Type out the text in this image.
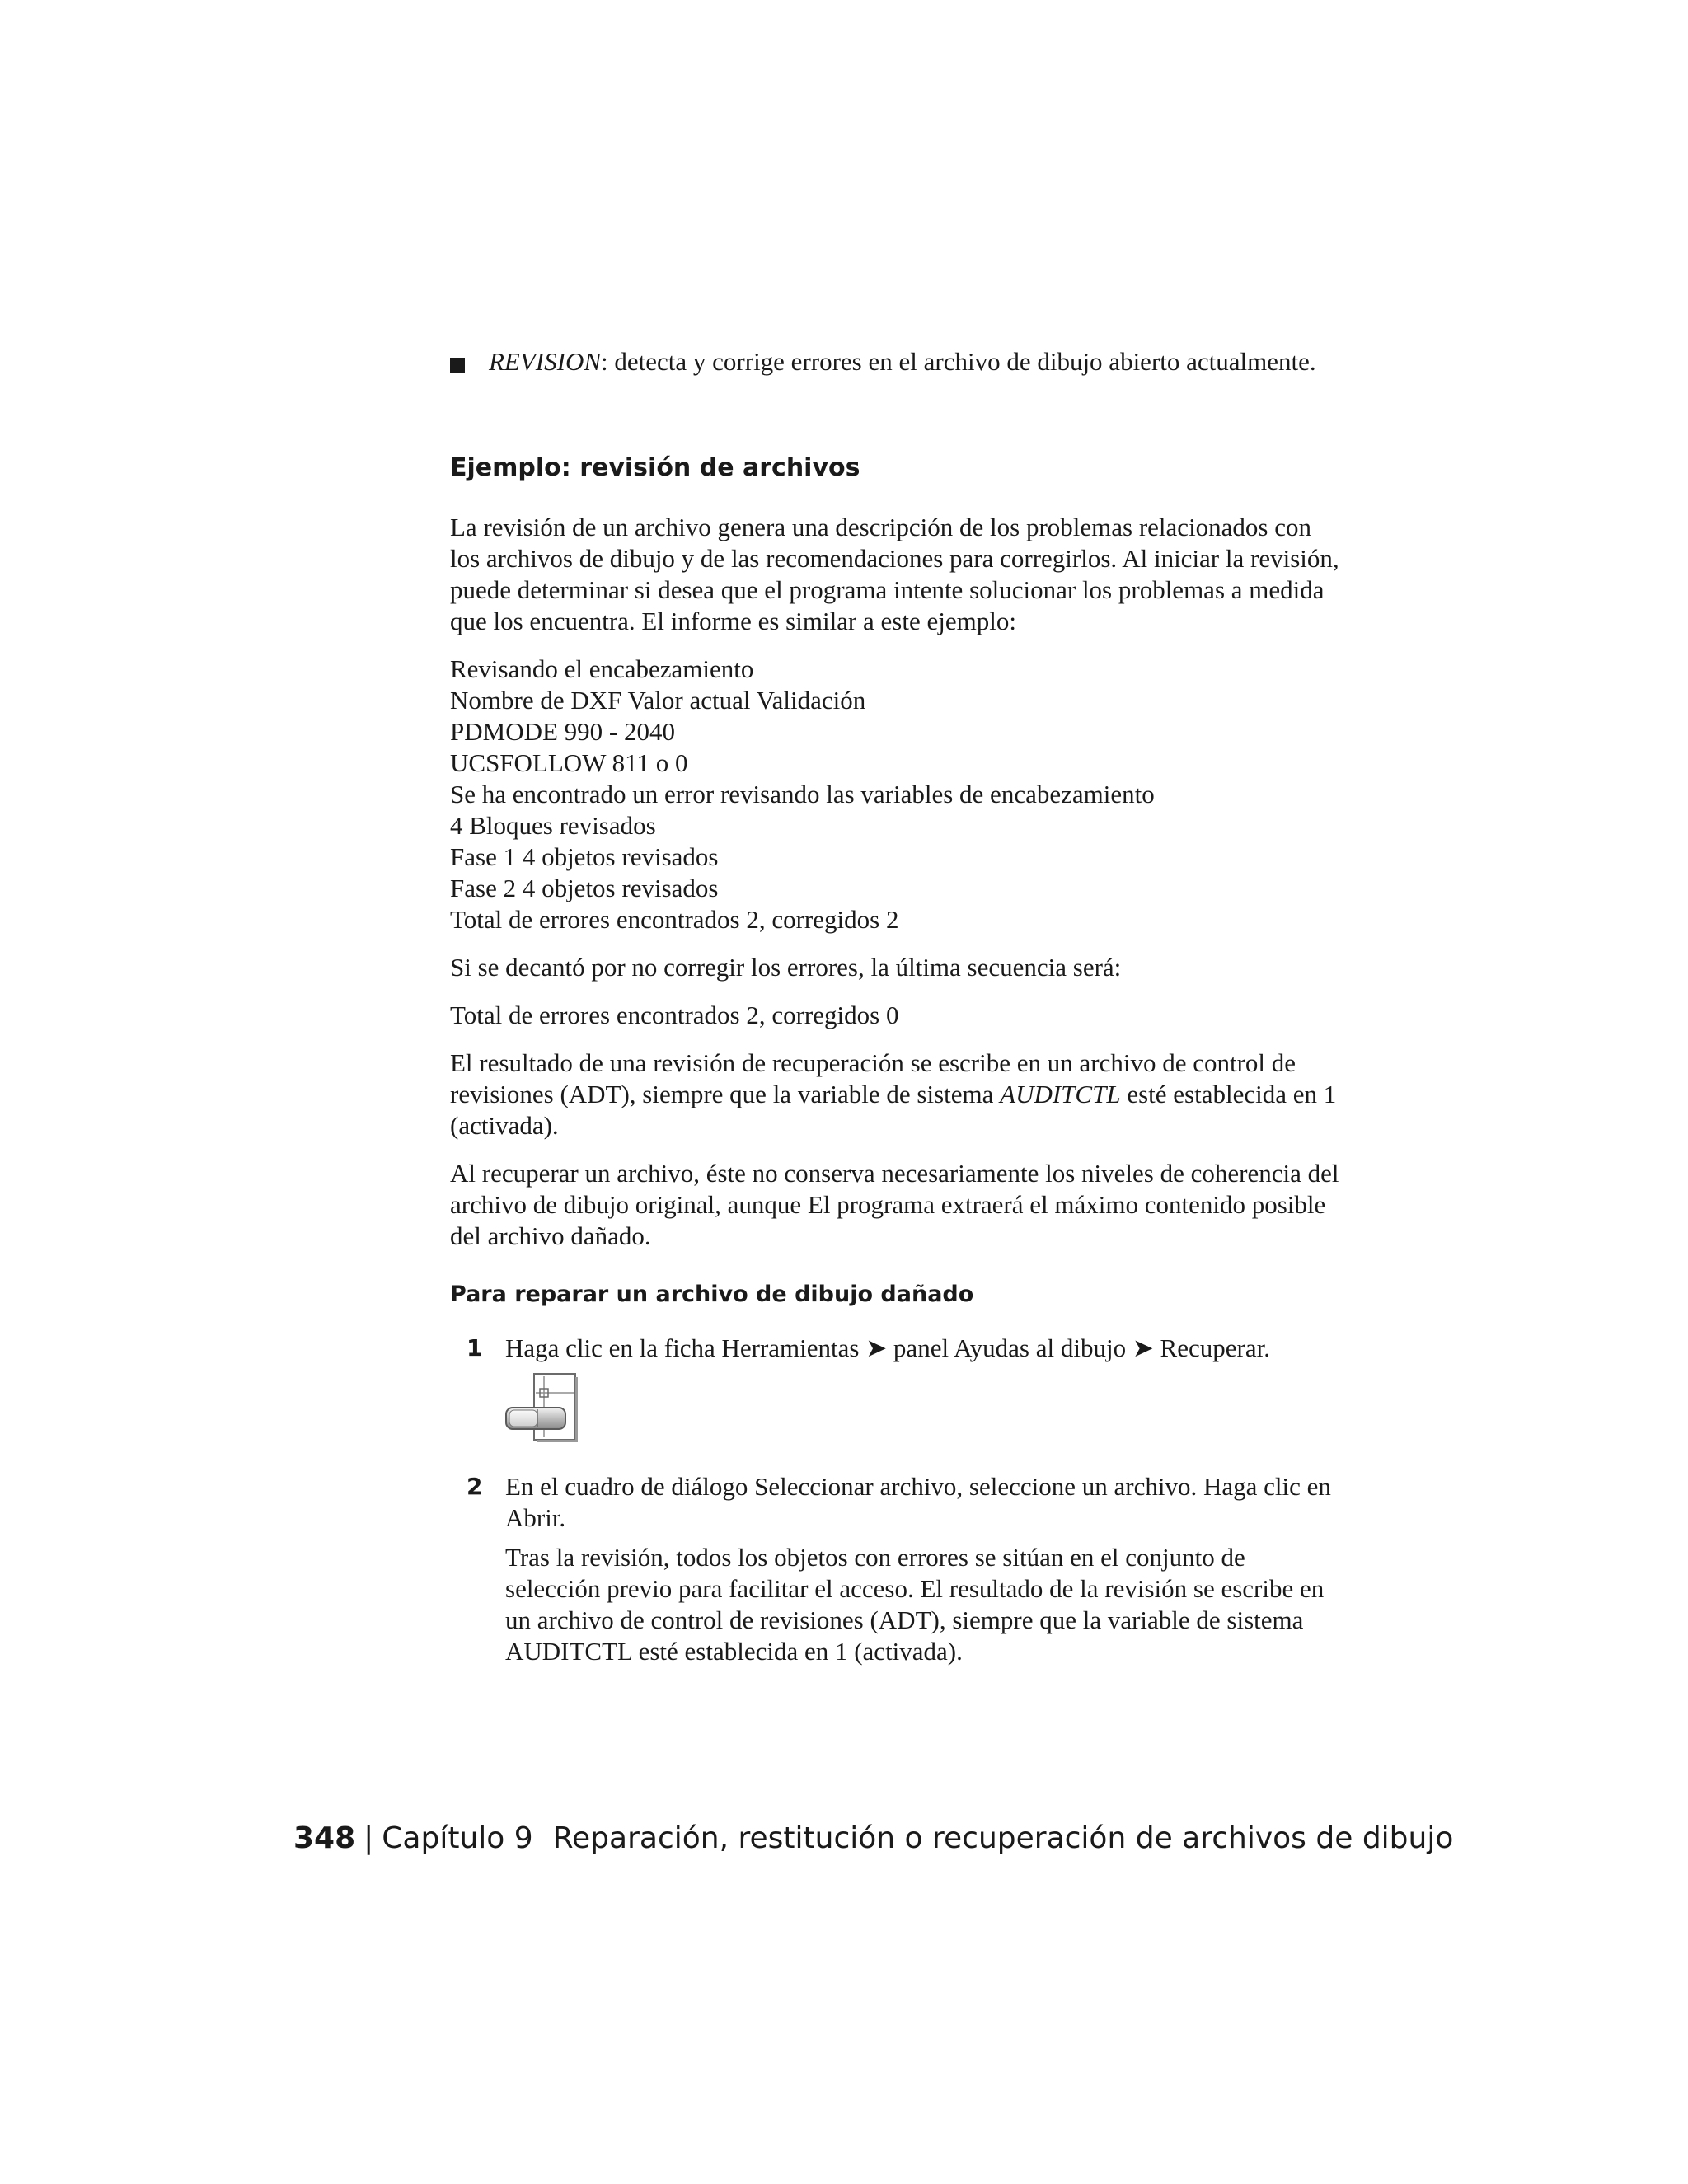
REVISION: detecta y corrige errores en el archivo de dibujo abierto actualmente.

Ejemplo: revisión de archivos

La revisión de un archivo genera una descripción de los problemas relacionados con los archivos de dibujo y de las recomendaciones para corregirlos. Al iniciar la revisión, puede determinar si desea que el programa intente solucionar los problemas a medida que los encuentra. El informe es similar a este ejemplo:

Revisando el encabezamiento

Nombre de DXF Valor actual Validación

PDMODE 990 - 2040

UCSFOLLOW 811 o 0

Se ha encontrado un error revisando las variables de encabezamiento

4 Bloques revisados

Fase 1 4 objetos revisados

Fase 2 4 objetos revisados

Total de errores encontrados 2, corregidos 2

Si se decantó por no corregir los errores, la última secuencia será:

Total de errores encontrados 2, corregidos 0

El resultado de una revisión de recuperación se escribe en un archivo de control de revisiones (ADT), siempre que la variable de sistema AUDITCTL esté establecida en 1 (activada).

Al recuperar un archivo, éste no conserva necesariamente los niveles de coherencia del archivo de dibujo original, aunque El programa extraerá el máximo contenido posible del archivo dañado.

Para reparar un archivo de dibujo dañado
1 Haga clic en la ficha Herramientas ➤ panel Ayudas al dibujo ➤ Recuperar.

2 En el cuadro de diálogo Seleccionar archivo, seleccione un archivo. Haga clic en Abrir.

Tras la revisión, todos los objetos con errores se sitúan en el conjunto de selección previo para facilitar el acceso. El resultado de la revisión se escribe en un archivo de control de revisiones (ADT), siempre que la variable de sistema AUDITCTL esté establecida en 1 (activada).

348 | Capítulo 9 Reparación, restitución o recuperación de archivos de dibujo
